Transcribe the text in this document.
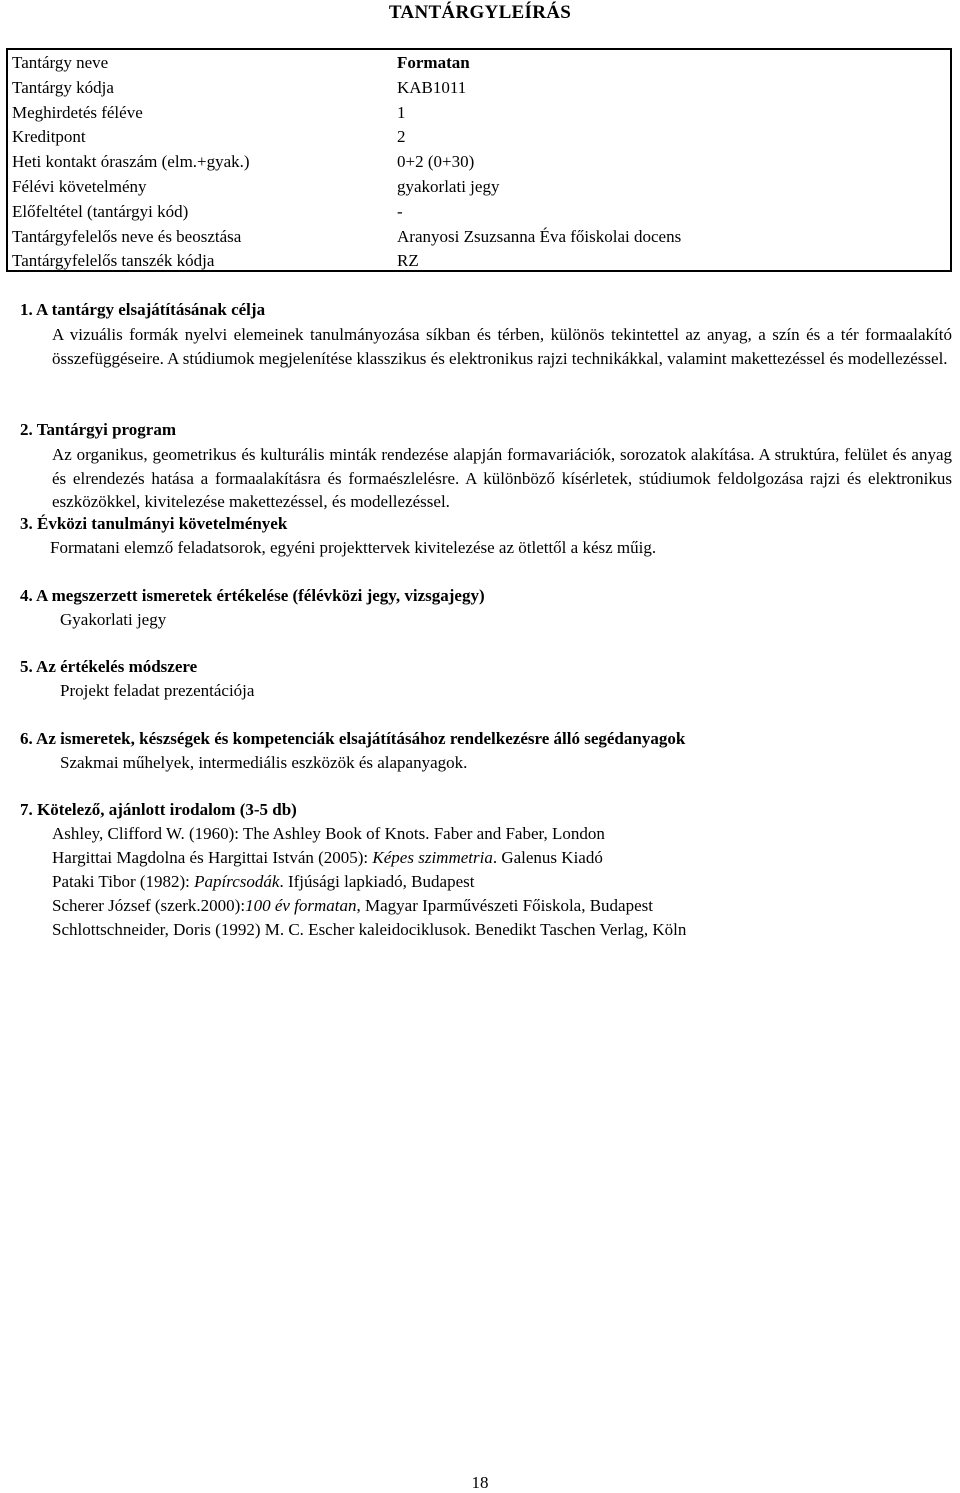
TANTÁRGYLEÍRÁS
Tantárgy neve	Formatan
Tantárgy kódja	KAB1011
Meghirdetés féléve	1
Kreditpont	2
Heti kontakt óraszám (elm.+gyak.)	0+2 (0+30)
Félévi követelmény	gyakorlati jegy
Előfeltétel (tantárgyi kód)	-
Tantárgyfelelős neve és beosztása	Aranyosi Zsuzsanna Éva főiskolai docens
Tantárgyfelelős tanszék kódja	RZ
1. A tantárgy elsajátításának célja
A vizuális formák nyelvi elemeinek tanulmányozása síkban és térben, különös tekintettel az anyag, a szín és a tér formaalakító összefüggéseire. A stúdiumok megjelenítése klasszikus és elektronikus rajzi technikákkal, valamint makettezéssel és modellezéssel.
2. Tantárgyi program
Az organikus, geometrikus és kulturális minták rendezése alapján formavariációk, sorozatok alakítása. A struktúra, felület és anyag és elrendezés hatása a formaalakításra és formaészlelésre. A különböző kísérletek, stúdiumok feldolgozása rajzi és elektronikus eszközökkel, kivitelezése makettezéssel, és modellezéssel.
3. Évközi tanulmányi követelmények
Formatani elemző feladatsorok, egyéni projekttervek kivitelezése az ötlettől a kész műig.
4. A megszerzett ismeretek értékelése (félévközi jegy, vizsgajegy)
Gyakorlati jegy
5. Az értékelés módszere
Projekt feladat prezentációja
6. Az ismeretek, készségek és kompetenciák elsajátításához rendelkezésre álló segédanyagok
Szakmai műhelyek, intermediális eszközök és alapanyagok.
7. Kötelező, ajánlott irodalom (3-5 db)
Ashley, Clifford W. (1960): The Ashley Book of Knots. Faber and Faber, London
Hargittai Magdolna és Hargittai István (2005): Képes szimmetria. Galenus Kiadó
Pataki Tibor (1982): Papírcsodák. Ifjúsági lapkiadó, Budapest
Scherer József (szerk.2000):100 év formatan, Magyar Iparművészeti Főiskola, Budapest
Schlottschneider, Doris (1992) M. C. Escher kaleidociklusok. Benedikt Taschen Verlag, Köln
18
